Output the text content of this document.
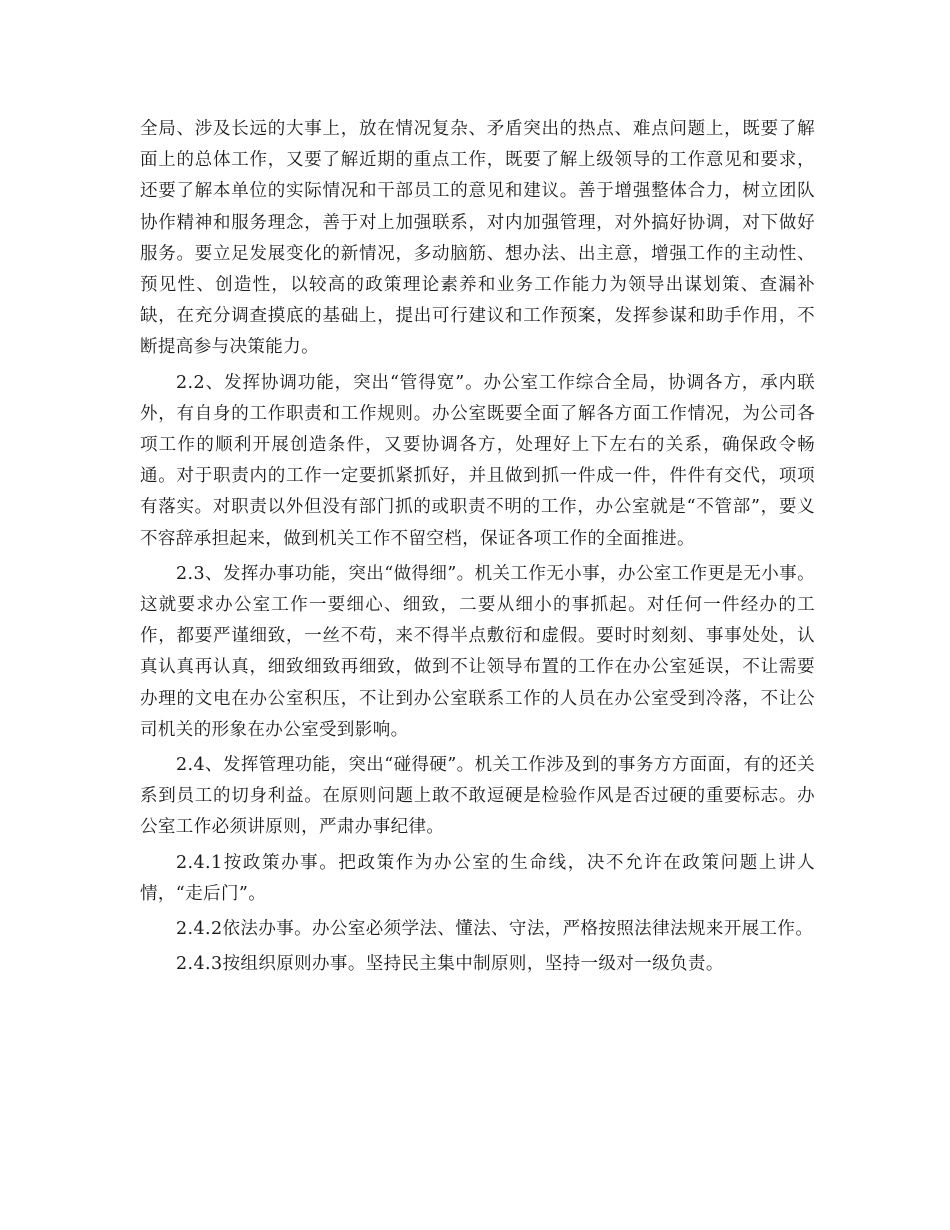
全局、涉及长远的大事上，放在情况复杂、矛盾突出的热点、难点问题上，既要了解面上的总体工作，又要了解近期的重点工作，既要了解上级领导的工作意见和要求，还要了解本单位的实际情况和干部员工的意见和建议。善于增强整体合力，树立团队协作精神和服务理念，善于对上加强联系，对内加强管理，对外搞好协调，对下做好服务。要立足发展变化的新情况，多动脑筋、想办法、出主意，增强工作的主动性、预见性、创造性，以较高的政策理论素养和业务工作能力为领导出谋划策、查漏补缺，在充分调查摸底的基础上，提出可行建议和工作预案，发挥参谋和助手作用，不断提高参与决策能力。

2.2、发挥协调功能，突出“管得宽”。办公室工作综合全局，协调各方，承内联外，有自身的工作职责和工作规则。办公室既要全面了解各方面工作情况，为公司各项工作的顺利开展创造条件，又要协调各方，处理好上下左右的关系，确保政令畅通。对于职责内的工作一定要抓紧抓好，并且做到抓一件成一件，件件有交代，项项有落实。对职责以外但没有部门抓的或职责不明的工作，办公室就是“不管部”，要义不容辞承担起来，做到机关工作不留空档，保证各项工作的全面推进。

2.3、发挥办事功能，突出“做得细”。机关工作无小事，办公室工作更是无小事。这就要求办公室工作一要细心、细致，二要从细小的事抓起。对任何一件经办的工作，都要严谨细致，一丝不苟，来不得半点敷衍和虚假。要时时刻刻、事事处处，认真认真再认真，细致细致再细致，做到不让领导布置的工作在办公室延误，不让需要办理的文电在办公室积压，不让到办公室联系工作的人员在办公室受到冷落，不让公司机关的形象在办公室受到影响。

2.4、发挥管理功能，突出“碰得硬”。机关工作涉及到的事务方方面面，有的还关系到员工的切身利益。在原则问题上敢不敢逗硬是检验作风是否过硬的重要标志。办公室工作必须讲原则，严肃办事纪律。

2.4.1按政策办事。把政策作为办公室的生命线，决不允许在政策问题上讲人情，“走后门”。

2.4.2依法办事。办公室必须学法、懂法、守法，严格按照法律法规来开展工作。

2.4.3按组织原则办事。坚持民主集中制原则，坚持一级对一级负责。
